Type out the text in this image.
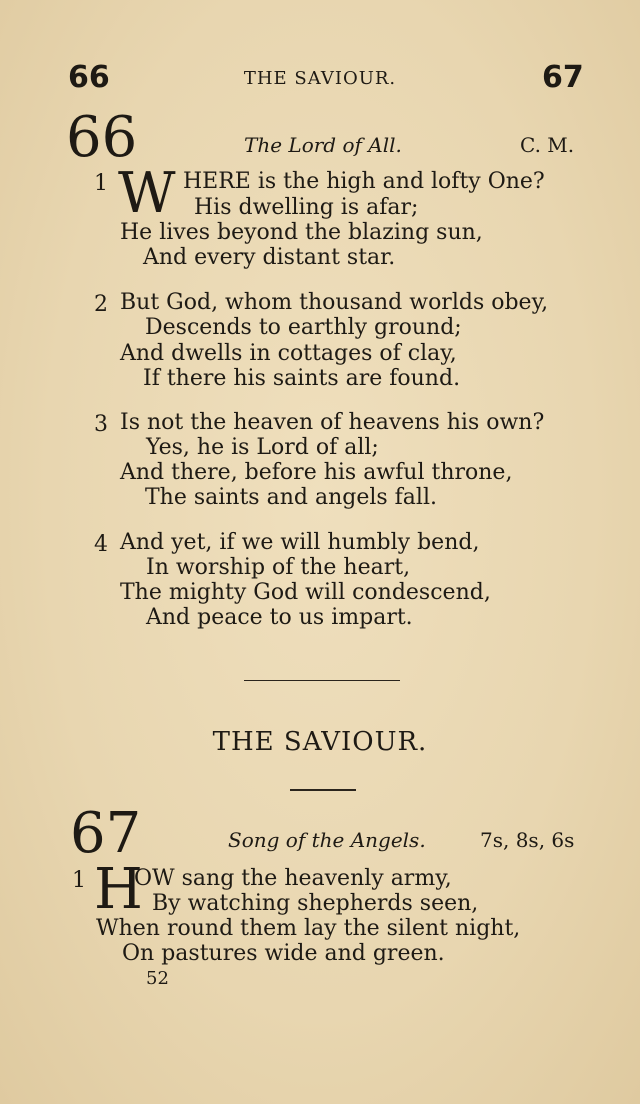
66	THE SAVIOUR.	67
66	The Lord of All.	C. M.
1 W HERE is the high and lofty One?
His dwelling is afar;
He lives beyond the blazing sun,
And every distant star.
2 But God, whom thousand worlds obey,
Descends to earthly ground;
And dwells in cottages of clay,
If there his saints are found.
3 Is not the heaven of heavens his own?
Yes, he is Lord of all;
And there, before his awful throne,
The saints and angels fall.
4 And yet, if we will humbly bend,
In worship of the heart,
The mighty God will condescend,
And peace to us impart.
THE SAVIOUR.
67	Song of the Angels.	7s, 8s, 6s
1 H
OW sang the heavenly army,
By watching shepherds seen,
When round them lay the silent night,
On pastures wide and green.
52
